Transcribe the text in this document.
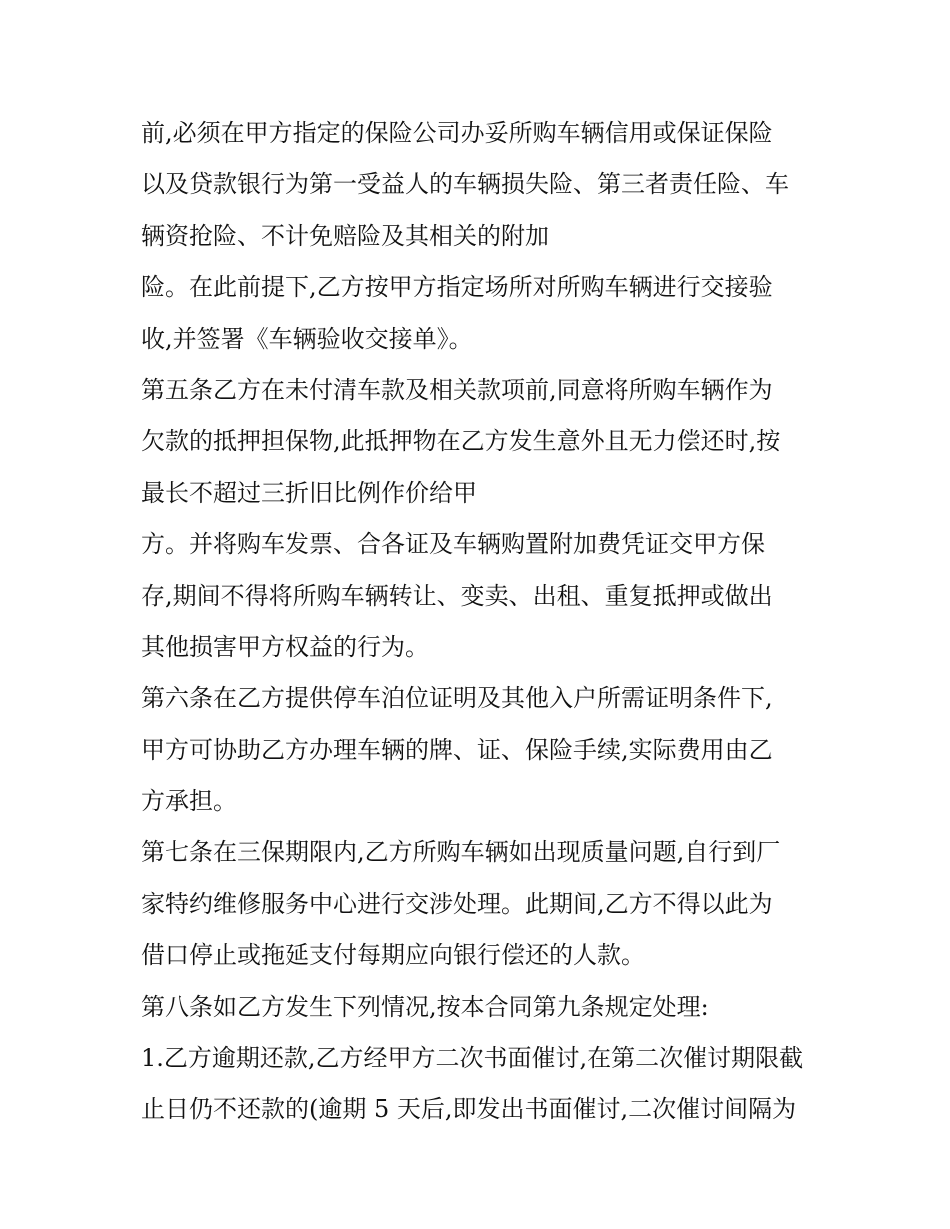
前,必须在甲方指定的保险公司办妥所购车辆信用或保证保险
以及贷款银行为第一受益人的车辆损失险、第三者责任险、车
辆资抢险、不计免赔险及其相关的附加
险。在此前提下,乙方按甲方指定场所对所购车辆进行交接验
收,并签署《车辆验收交接单》。
第五条乙方在未付清车款及相关款项前,同意将所购车辆作为
欠款的抵押担保物,此抵押物在乙方发生意外且无力偿还时,按
最长不超过三折旧比例作价给甲
方。并将购车发票、合各证及车辆购置附加费凭证交甲方保
存,期间不得将所购车辆转让、变卖、出租、重复抵押或做出
其他损害甲方权益的行为。
第六条在乙方提供停车泊位证明及其他入户所需证明条件下,
甲方可协助乙方办理车辆的牌、证、保险手续,实际费用由乙
方承担。
第七条在三保期限内,乙方所购车辆如出现质量问题,自行到厂
家特约维修服务中心进行交涉处理。此期间,乙方不得以此为
借口停止或拖延支付每期应向银行偿还的人款。
第八条如乙方发生下列情况,按本合同第九条规定处理:
1.乙方逾期还款,乙方经甲方二次书面催讨,在第二次催讨期限截
止日仍不还款的(逾期 5 天后,即发出书面催讨,二次催讨间隔为
